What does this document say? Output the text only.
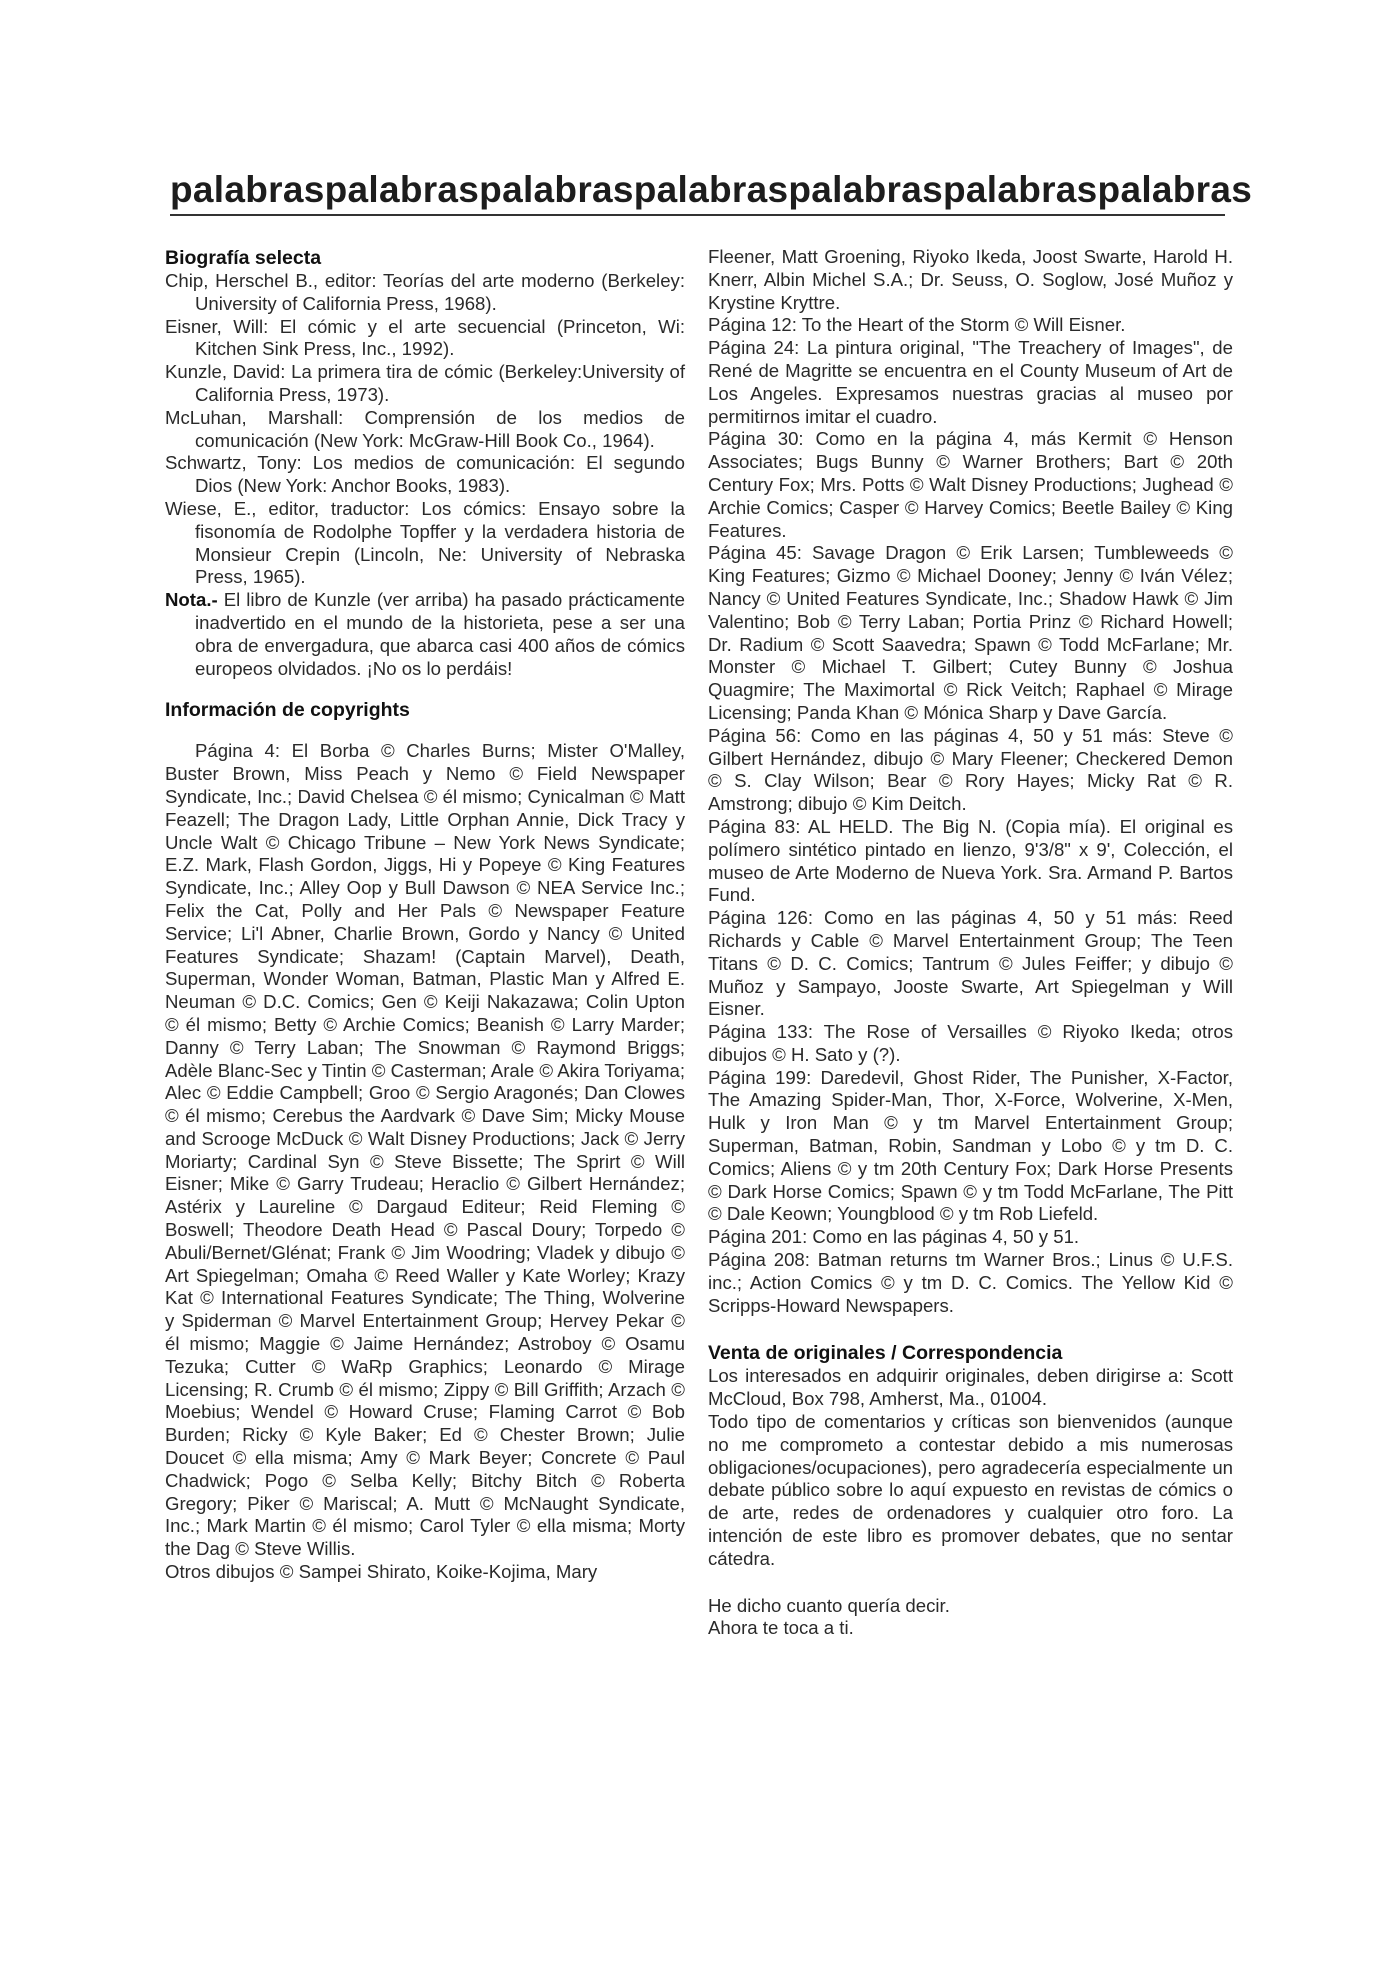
palabraspalabraspalabraspalabraspalabraspalabraspalabras
Biografía selecta

Chip, Herschel B., editor: Teorías del arte moderno (Berkeley: University of California Press, 1968).

Eisner, Will: El cómic y el arte secuencial (Princeton, Wi: Kitchen Sink Press, Inc., 1992).

Kunzle, David: La primera tira de cómic (Berkeley:University of California Press, 1973).

McLuhan, Marshall: Comprensión de los medios de comunicación (New York: McGraw-Hill Book Co., 1964).

Schwartz, Tony: Los medios de comunicación: El segundo Dios (New York: Anchor Books, 1983).

Wiese, E., editor, traductor: Los cómics: Ensayo sobre la fisonomía de Rodolphe Topffer y la verdadera historia de Monsieur Crepin (Lincoln, Ne: University of Nebraska Press, 1965).

Nota.- El libro de Kunzle (ver arriba) ha pasado prácticamente inadvertido en el mundo de la historieta, pese a ser una obra de envergadura, que abarca casi 400 años de cómics europeos olvidados. ¡No os lo perdáis!

Información de copyrights

Página 4: El Borba © Charles Burns; Mister O'Malley, Buster Brown, Miss Peach y Nemo © Field Newspaper Syndicate, Inc.; David Chelsea © él mismo; Cynicalman © Matt Feazell; The Dragon Lady, Little Orphan Annie, Dick Tracy y Uncle Walt © Chicago Tribune – New York News Syndicate; E.Z. Mark, Flash Gordon, Jiggs, Hi y Popeye © King Features Syndicate, Inc.; Alley Oop y Bull Dawson © NEA Service Inc.; Felix the Cat, Polly and Her Pals © Newspaper Feature Service; Li'l Abner, Charlie Brown, Gordo y Nancy © United Features Syndicate; Shazam! (Captain Marvel), Death, Superman, Wonder Woman, Batman, Plastic Man y Alfred E. Neuman © D.C. Comics; Gen © Keiji Nakazawa; Colin Upton © él mismo; Betty © Archie Comics; Beanish © Larry Marder; Danny © Terry Laban; The Snowman © Raymond Briggs; Adèle Blanc-Sec y Tintin © Casterman; Arale © Akira Toriyama; Alec © Eddie Campbell; Groo © Sergio Aragonés; Dan Clowes © él mismo; Cerebus the Aardvark © Dave Sim; Micky Mouse and Scrooge McDuck © Walt Disney Productions; Jack © Jerry Moriarty; Cardinal Syn © Steve Bissette; The Sprirt © Will Eisner; Mike © Garry Trudeau; Heraclio © Gilbert Hernández; Astérix y Laureline © Dargaud Editeur; Reid Fleming © Boswell; Theodore Death Head © Pascal Doury; Torpedo © Abuli/Bernet/Glénat; Frank © Jim Woodring; Vladek y dibujo © Art Spiegelman; Omaha © Reed Waller y Kate Worley; Krazy Kat © International Features Syndicate; The Thing, Wolverine y Spiderman © Marvel Entertainment Group; Hervey Pekar © él mismo; Maggie © Jaime Hernández; Astroboy © Osamu Tezuka; Cutter © WaRp Graphics; Leonardo © Mirage Licensing; R. Crumb © él mismo; Zippy © Bill Griffith; Arzach © Moebius; Wendel © Howard Cruse; Flaming Carrot © Bob Burden; Ricky © Kyle Baker; Ed © Chester Brown; Julie Doucet © ella misma; Amy © Mark Beyer; Concrete © Paul Chadwick; Pogo © Selba Kelly; Bitchy Bitch © Roberta Gregory; Piker © Mariscal; A. Mutt © McNaught Syndicate, Inc.; Mark Martin © él mismo; Carol Tyler © ella misma; Morty the Dag © Steve Willis.

Otros dibujos © Sampei Shirato, Koike-Kojima, Mary

Fleener, Matt Groening, Riyoko Ikeda, Joost Swarte, Harold H. Knerr, Albin Michel S.A.; Dr. Seuss, O. Soglow, José Muñoz y Krystine Kryttre.

Página 12: To the Heart of the Storm © Will Eisner.

Página 24: La pintura original, "The Treachery of Images", de René de Magritte se encuentra en el County Museum of Art de Los Angeles. Expresamos nuestras gracias al museo por permitirnos imitar el cuadro.

Página 30: Como en la página 4, más Kermit © Henson Associates; Bugs Bunny © Warner Brothers; Bart © 20th Century Fox; Mrs. Potts © Walt Disney Productions; Jughead © Archie Comics; Casper © Harvey Comics; Beetle Bailey © King Features.

Página 45: Savage Dragon © Erik Larsen; Tumbleweeds © King Features; Gizmo © Michael Dooney; Jenny © Iván Vélez; Nancy © United Features Syndicate, Inc.; Shadow Hawk © Jim Valentino; Bob © Terry Laban; Portia Prinz © Richard Howell; Dr. Radium © Scott Saavedra; Spawn © Todd McFarlane; Mr. Monster © Michael T. Gilbert; Cutey Bunny © Joshua Quagmire; The Maximortal © Rick Veitch; Raphael © Mirage Licensing; Panda Khan © Mónica Sharp y Dave García.

Página 56: Como en las páginas 4, 50 y 51 más: Steve © Gilbert Hernández, dibujo © Mary Fleener; Checkered Demon © S. Clay Wilson; Bear © Rory Hayes; Micky Rat © R. Amstrong; dibujo © Kim Deitch.

Página 83: AL HELD. The Big N. (Copia mía). El original es polímero sintético pintado en lienzo, 9'3/8" x 9', Colección, el museo de Arte Moderno de Nueva York. Sra. Armand P. Bartos Fund.

Página 126: Como en las páginas 4, 50 y 51 más: Reed Richards y Cable © Marvel Entertainment Group; The Teen Titans © D. C. Comics; Tantrum © Jules Feiffer; y dibujo © Muñoz y Sampayo, Jooste Swarte, Art Spiegelman y Will Eisner.

Página 133: The Rose of Versailles © Riyoko Ikeda; otros dibujos © H. Sato y (?).

Página 199: Daredevil, Ghost Rider, The Punisher, X-Factor, The Amazing Spider-Man, Thor, X-Force, Wolverine, X-Men, Hulk y Iron Man © y tm Marvel Entertainment Group; Superman, Batman, Robin, Sandman y Lobo © y tm D. C. Comics; Aliens © y tm 20th Century Fox; Dark Horse Presents © Dark Horse Comics; Spawn © y tm Todd McFarlane, The Pitt © Dale Keown; Youngblood © y tm Rob Liefeld.

Página 201: Como en las páginas 4, 50 y 51.

Página 208: Batman returns tm Warner Bros.; Linus © U.F.S. inc.; Action Comics © y tm D. C. Comics. The Yellow Kid © Scripps-Howard Newspapers.

Venta de originales / Correspondencia

Los interesados en adquirir originales, deben dirigirse a: Scott McCloud, Box 798, Amherst, Ma., 01004.

Todo tipo de comentarios y críticas son bienvenidos (aunque no me comprometo a contestar debido a mis numerosas obligaciones/ocupaciones), pero agradecería especialmente un debate público sobre lo aquí expuesto en revistas de cómics o de arte, redes de ordenadores y cualquier otro foro. La intención de este libro es promover debates, que no sentar cátedra.

He dicho cuanto quería decir.

Ahora te toca a ti.
